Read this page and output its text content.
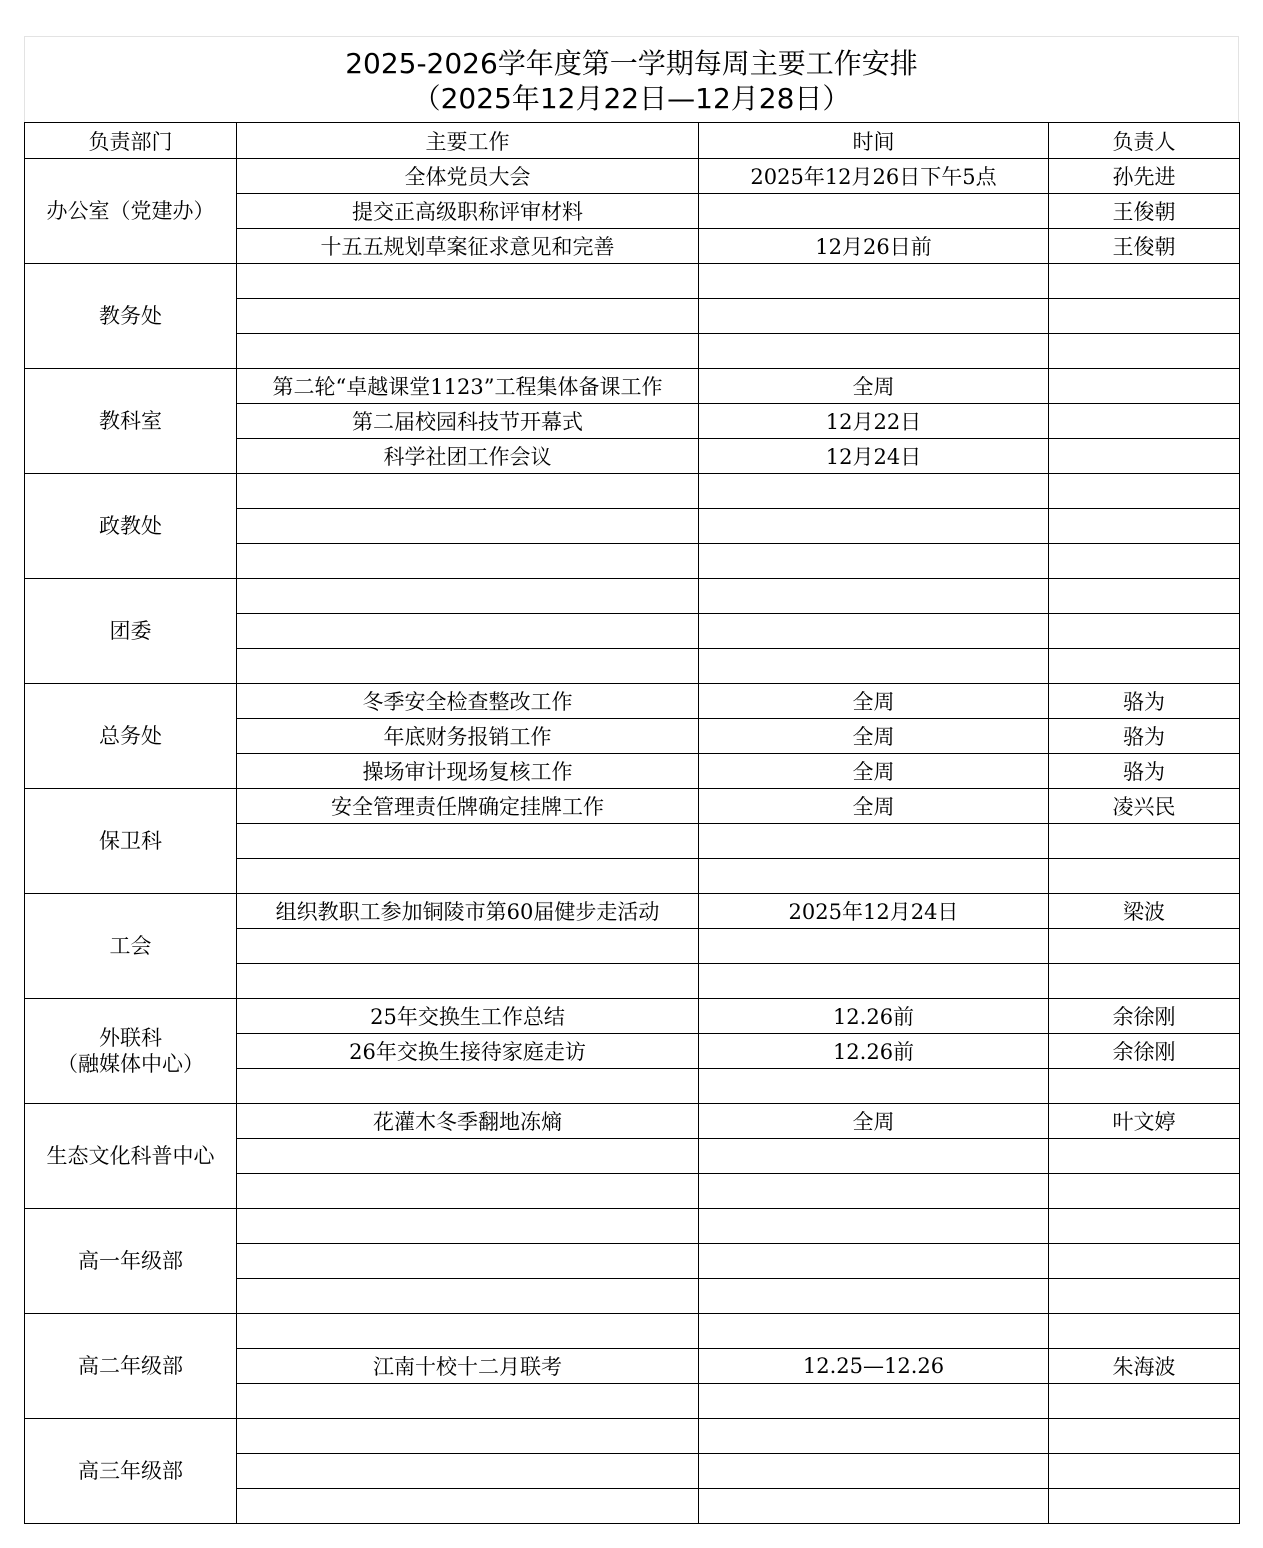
2025-2026学年度第一学期每周主要工作安排
（2025年12月22日—12月28日）
负责部门	主要工作	时间	负责人
办公室（党建办）	全体党员大会	2025年12月26日下午5点	孙先进
	提交正高级职称评审材料		王俊朝
	十五五规划草案征求意见和完善	12月26日前	王俊朝
教务处			

教科室	第二轮“卓越课堂1123”工程集体备课工作	全周	
	第二届校园科技节开幕式	12月22日	
	科学社团工作会议	12月24日	
政教处			

团委			

总务处	冬季安全检查整改工作	全周	骆为
	年底财务报销工作	全周	骆为
	操场审计现场复核工作	全周	骆为
保卫科	安全管理责任牌确定挂牌工作	全周	凌兴民

工会	组织教职工参加铜陵市第60届健步走活动	2025年12月24日	梁波

外联科
（融媒体中心）	25年交换生工作总结	12.26前	余徐刚
	26年交换生接待家庭走访	12.26前	余徐刚

生态文化科普中心	花灌木冬季翻地冻熵	全周	叶文婷

高一年级部			

高二年级部			
	江南十校十二月联考	12.25—12.26	朱海波

高三年级部			
